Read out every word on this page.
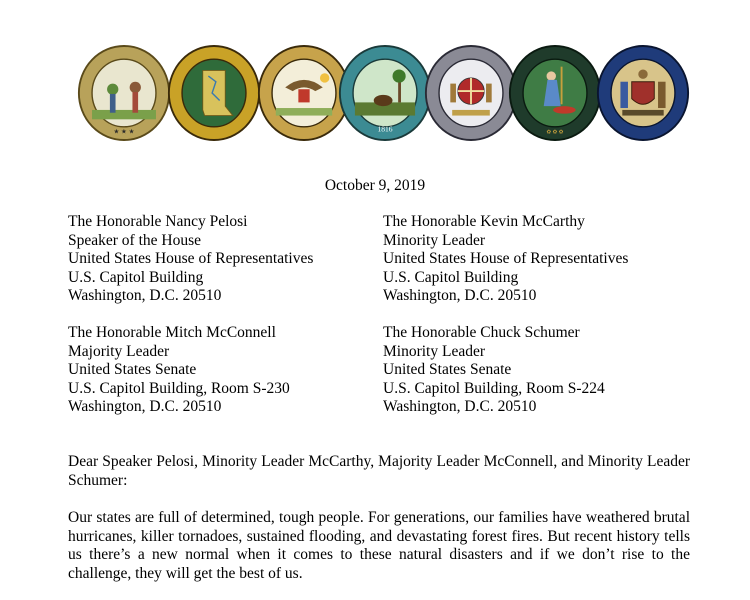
★ ★ ★	1816	✿ ✿ ✿
October 9, 2019
The Honorable Nancy Pelosi
Speaker of the House
United States House of Representatives
U.S. Capitol Building
Washington, D.C. 20510
The Honorable Kevin McCarthy
Minority Leader
United States House of Representatives
U.S. Capitol Building
Washington, D.C. 20510
The Honorable Mitch McConnell
Majority Leader
United States Senate
U.S. Capitol Building, Room S-230
Washington, D.C. 20510
The Honorable Chuck Schumer
Minority Leader
United States Senate
U.S. Capitol Building, Room S-224
Washington, D.C. 20510
Dear Speaker Pelosi, Minority Leader McCarthy, Majority Leader McConnell, and Minority Leader Schumer:
Our states are full of determined, tough people. For generations, our families have weathered brutal hurricanes, killer tornadoes, sustained flooding, and devastating forest fires. But recent history tells us there’s a new normal when it comes to these natural disasters and if we don’t rise to the challenge, they will get the best of us.
